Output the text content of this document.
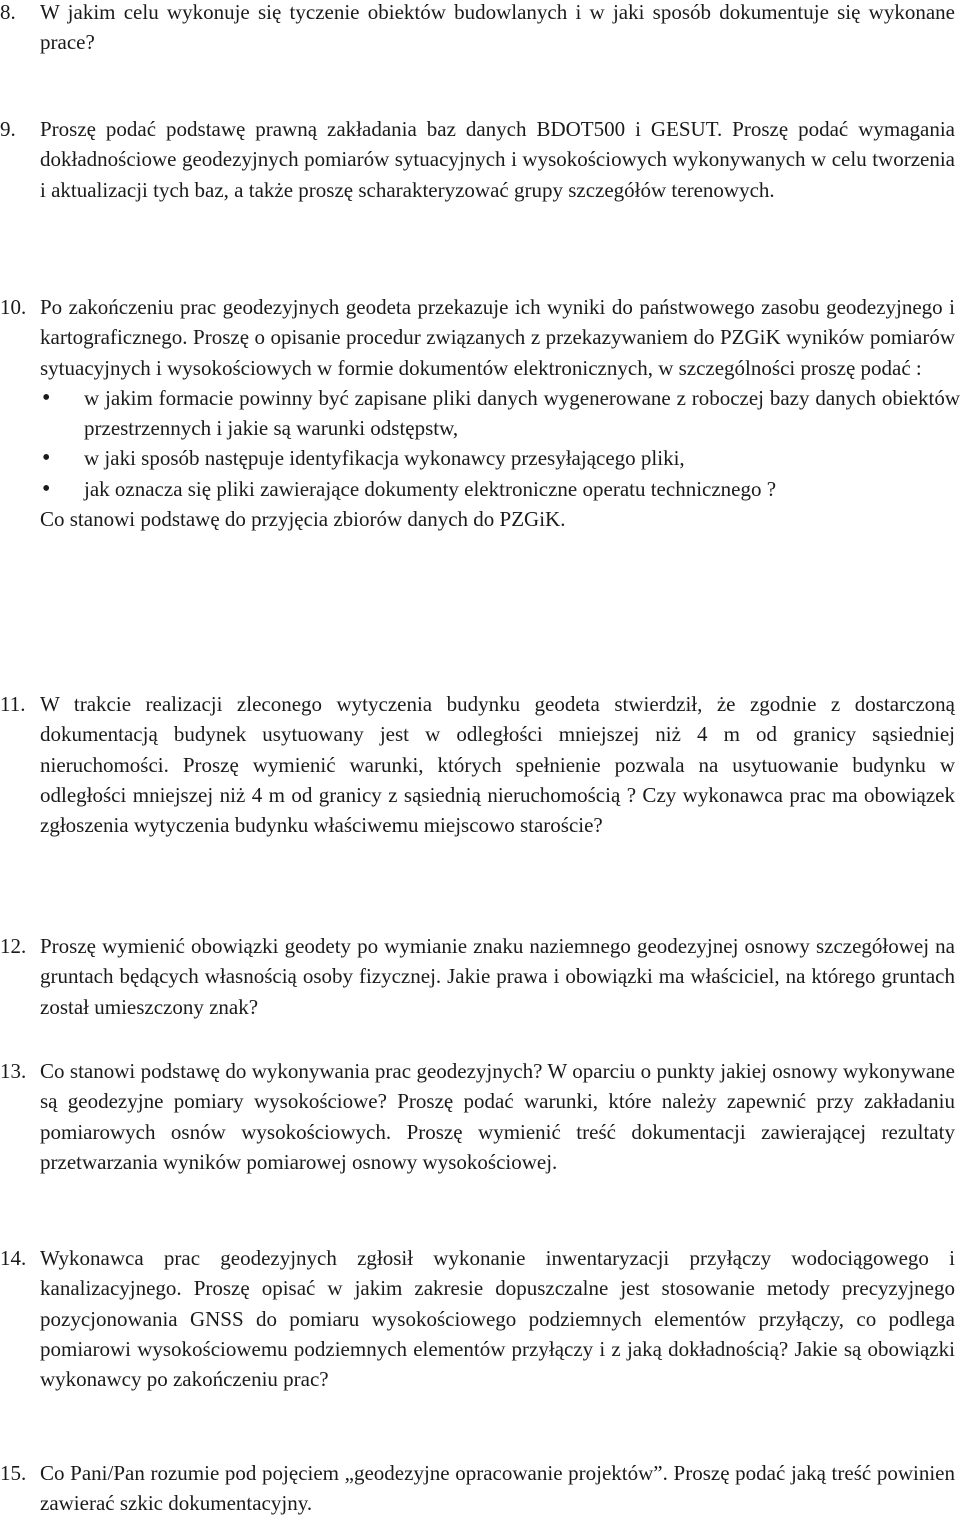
8. W jakim celu wykonuje się tyczenie obiektów budowlanych i w jaki sposób dokumentuje się wykonane prace?
9. Proszę podać podstawę prawną zakładania baz danych BDOT500 i GESUT. Proszę podać wymagania dokładnościowe geodezyjnych pomiarów sytuacyjnych i wysokościowych wykonywanych w celu tworzenia i aktualizacji tych baz, a także proszę scharakteryzować grupy szczegółów terenowych.
10. Po zakończeniu prac geodezyjnych geodeta przekazuje ich wyniki do państwowego zasobu geodezyjnego i kartograficznego. Proszę o opisanie procedur związanych z przekazywaniem do PZGiK wyników pomiarów sytuacyjnych i wysokościowych w formie dokumentów elektronicznych, w szczególności proszę podać :
• w jakim formacie powinny być zapisane pliki danych wygenerowane z roboczej bazy danych obiektów przestrzennych i jakie są warunki odstępstw,
• w jaki sposób następuje identyfikacja wykonawcy przesyłającego pliki,
• jak oznacza się pliki zawierające dokumenty elektroniczne operatu technicznego ?
Co stanowi podstawę do przyjęcia zbiorów danych do PZGiK.
11. W trakcie realizacji zleconego wytyczenia budynku geodeta stwierdził, że zgodnie z dostarczoną dokumentacją budynek usytuowany jest w odległości mniejszej niż 4 m od granicy sąsiedniej nieruchomości. Proszę wymienić warunki, których spełnienie pozwala na usytuowanie budynku w odległości mniejszej niż 4 m od granicy z sąsiednią nieruchomością ? Czy wykonawca prac ma obowiązek zgłoszenia wytyczenia budynku właściwemu miejscowo staroście?
12. Proszę wymienić obowiązki geodety po wymianie znaku naziemnego geodezyjnej osnowy szczegółowej na gruntach będących własnością osoby fizycznej. Jakie prawa i obowiązki ma właściciel, na którego gruntach został umieszczony znak?
13. Co stanowi podstawę do wykonywania prac geodezyjnych? W oparciu o punkty jakiej osnowy wykonywane są geodezyjne pomiary wysokościowe? Proszę podać warunki, które należy zapewnić przy zakładaniu pomiarowych osnów wysokościowych. Proszę wymienić treść dokumentacji zawierającej rezultaty przetwarzania wyników pomiarowej osnowy wysokościowej.
14. Wykonawca prac geodezyjnych zgłosił wykonanie inwentaryzacji przyłączy wodociągowego i kanalizacyjnego. Proszę opisać w jakim zakresie dopuszczalne jest stosowanie metody precyzyjnego pozycjonowania GNSS do pomiaru wysokościowego podziemnych elementów przyłączy, co podlega pomiarowi wysokościowemu podziemnych elementów przyłączy i z jaką dokładnością? Jakie są obowiązki wykonawcy po zakończeniu prac?
15. Co Pani/Pan rozumie pod pojęciem „geodezyjne opracowanie projektów”. Proszę podać jaką treść powinien zawierać szkic dokumentacyjny.
